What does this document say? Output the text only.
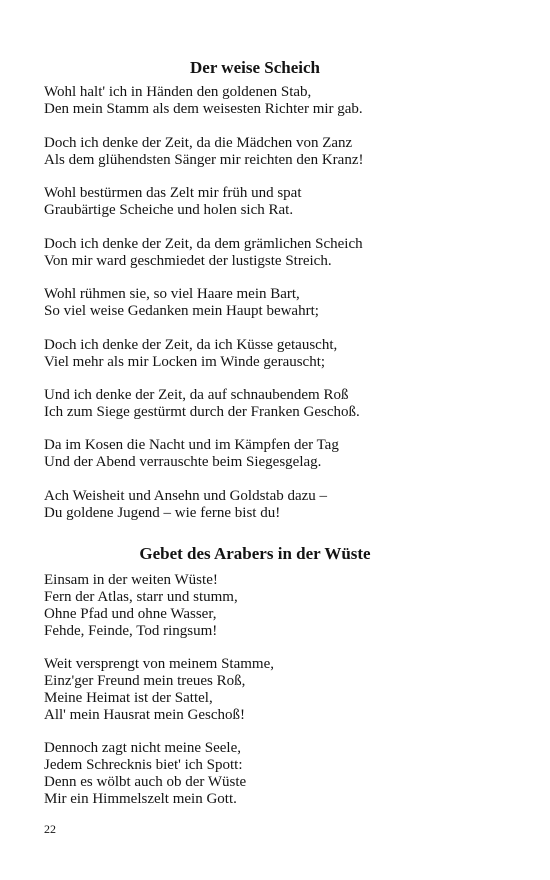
Der weise Scheich
Wohl halt' ich in Händen den goldenen Stab,
Den mein Stamm als dem weisesten Richter mir gab.
Doch ich denke der Zeit, da die Mädchen von Zanz
Als dem glühendsten Sänger mir reichten den Kranz!
Wohl bestürmen das Zelt mir früh und spat
Graubärtige Scheiche und holen sich Rat.
Doch ich denke der Zeit, da dem grämlichen Scheich
Von mir ward geschmiedet der lustigste Streich.
Wohl rühmen sie, so viel Haare mein Bart,
So viel weise Gedanken mein Haupt bewahrt;
Doch ich denke der Zeit, da ich Küsse getauscht,
Viel mehr als mir Locken im Winde gerauscht;
Und ich denke der Zeit, da auf schnaubendem Roß
Ich zum Siege gestürmt durch der Franken Geschoß.
Da im Kosen die Nacht und im Kämpfen der Tag
Und der Abend verrauschte beim Siegesgelag.
Ach Weisheit und Ansehn und Goldstab dazu –
Du goldene Jugend – wie ferne bist du!
Gebet des Arabers in der Wüste
Einsam in der weiten Wüste!
Fern der Atlas, starr und stumm,
Ohne Pfad und ohne Wasser,
Fehde, Feinde, Tod ringsum!
Weit versprengt von meinem Stamme,
Einz'ger Freund mein treues Roß,
Meine Heimat ist der Sattel,
All' mein Hausrat mein Geschoß!
Dennoch zagt nicht meine Seele,
Jedem Schrecknis biet' ich Spott:
Denn es wölbt auch ob der Wüste
Mir ein Himmelszelt mein Gott.
22
